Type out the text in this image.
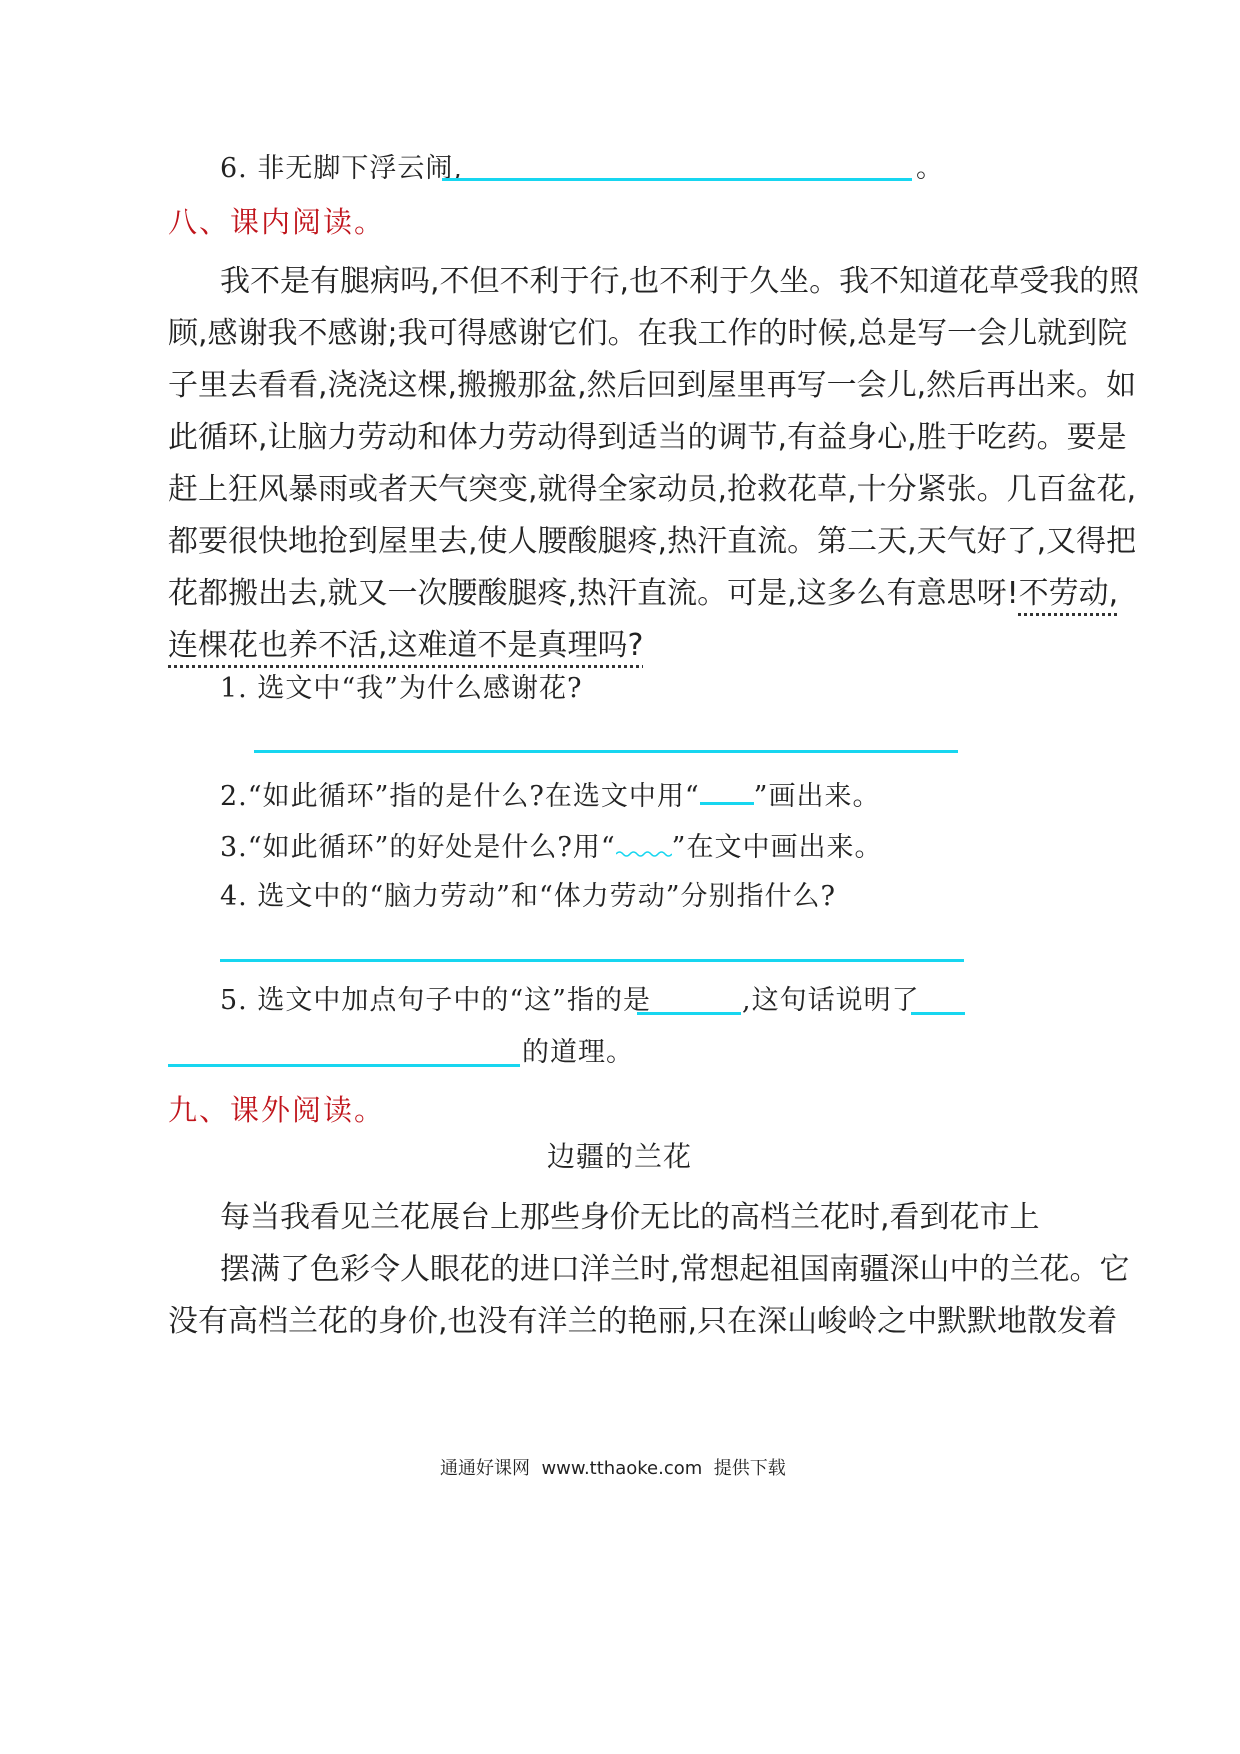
6. 非无脚下浮云闹,	。
八、课内阅读。
我不是有腿病吗,不但不利于行,也不利于久坐。我不知道花草受我的照
顾,感谢我不感谢;我可得感谢它们。在我工作的时候,总是写一会儿就到院
子里去看看,浇浇这棵,搬搬那盆,然后回到屋里再写一会儿,然后再出来。如
此循环,让脑力劳动和体力劳动得到适当的调节,有益身心,胜于吃药。要是
赶上狂风暴雨或者天气突变,就得全家动员,抢救花草,十分紧张。几百盆花,
都要很快地抢到屋里去,使人腰酸腿疼,热汗直流。第二天,天气好了,又得把
花都搬出去,就又一次腰酸腿疼,热汗直流。可是,这多么有意思呀!不劳动,
连棵花也养不活,这难道不是真理吗?
1. 选文中“我”为什么感谢花?
2.“如此循环”指的是什么?在选文中用“ ”画出来。
3.“如此循环”的好处是什么?用“ ”在文中画出来。
4. 选文中的“脑力劳动”和“体力劳动”分别指什么?
5. 选文中加点句子中的“这”指的是	,这句话说明了
的道理。
九、课外阅读。
边疆的兰花
每当我看见兰花展台上那些身价无比的高档兰花时,看到花市上
摆满了色彩令人眼花的进口洋兰时,常想起祖国南疆深山中的兰花。它
没有高档兰花的身价,也没有洋兰的艳丽,只在深山峻岭之中默默地散发着
通通好课网  www.tthaoke.com  提供下载
